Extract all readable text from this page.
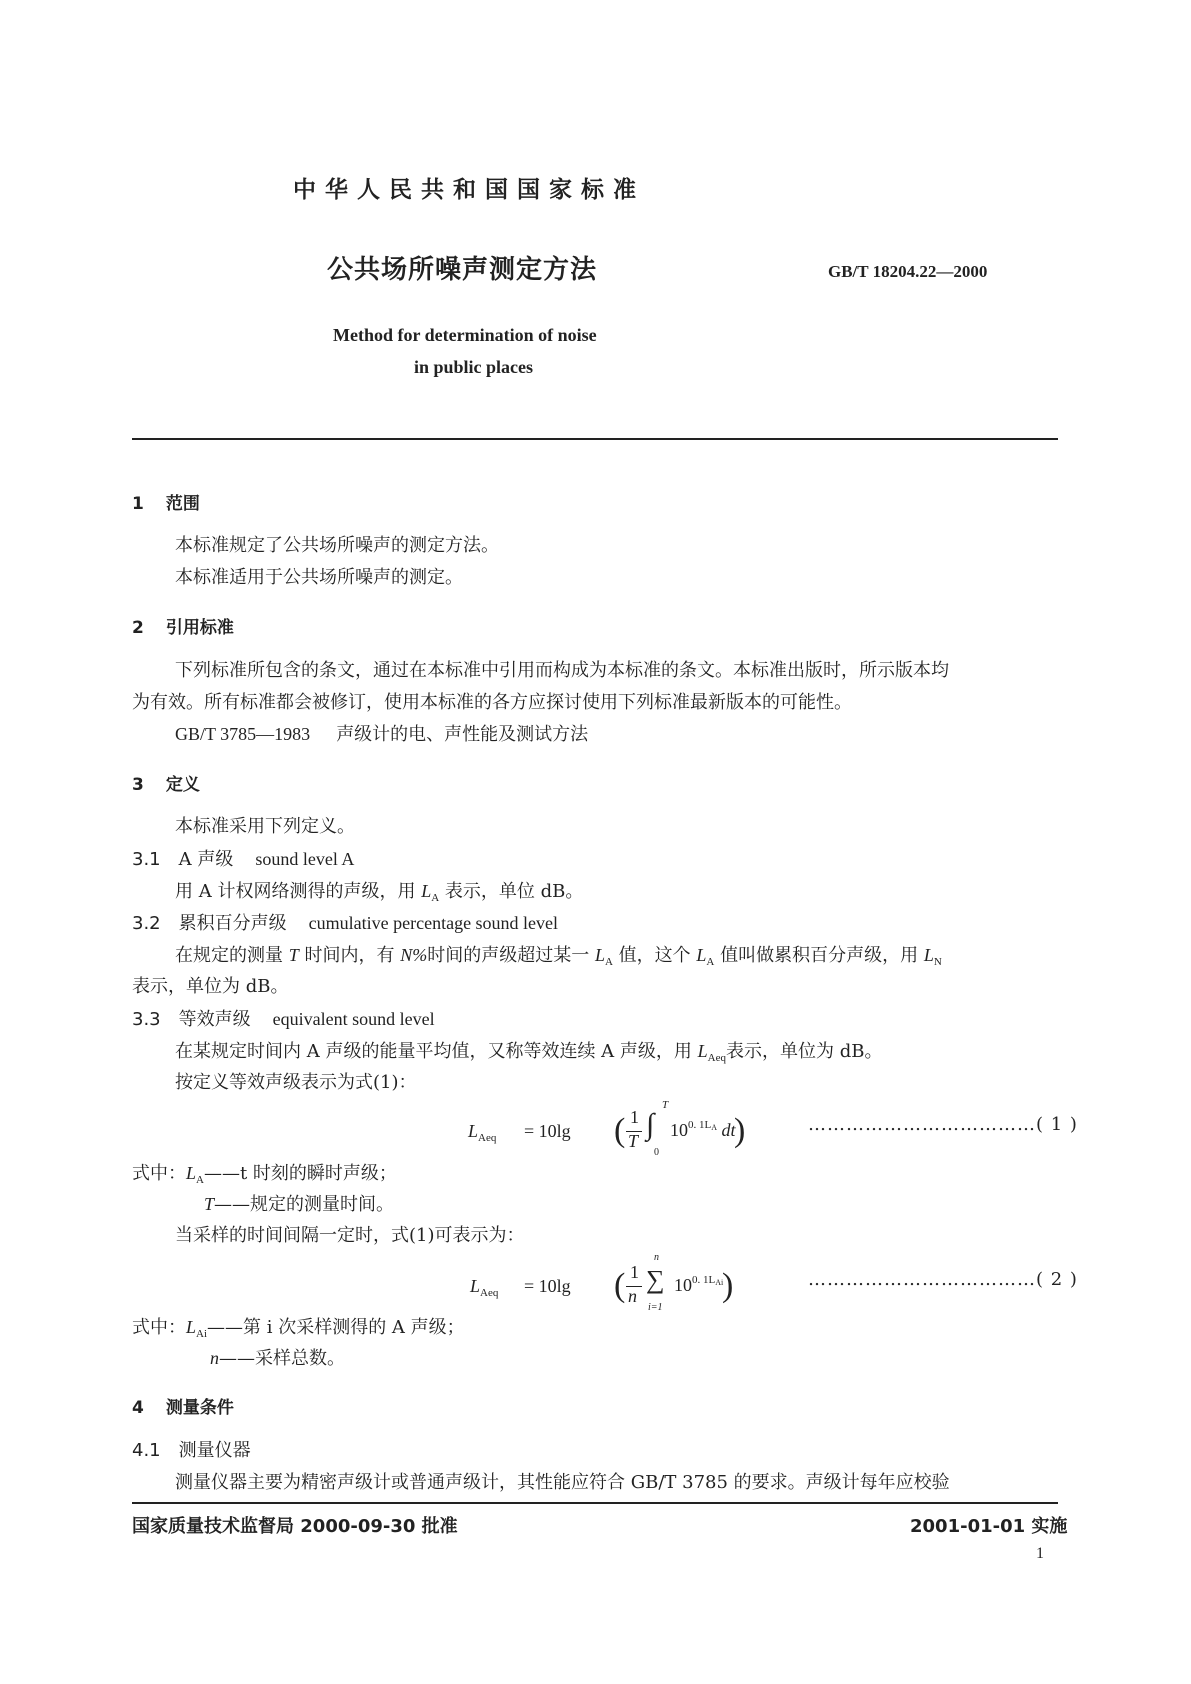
中华人民共和国国家标准
公共场所噪声测定方法	GB/T 18204.22—2000
Method for determination of noise
in public places
1 范围
本标准规定了公共场所噪声的测定方法。
本标准适用于公共场所噪声的测定。
2 引用标准
下列标准所包含的条文，通过在本标准中引用而构成为本标准的条文。本标准出版时，所示版本均
为有效。所有标准都会被修订，使用本标准的各方应探讨使用下列标准最新版本的可能性。
GB/T 3785—1983 声级计的电、声性能及测试方法
3 定义
本标准采用下列定义。
3.1 A 声级 sound level A
用 A 计权网络测得的声级，用 $L_A$ 表示，单位 dB。
3.2 累积百分声级 cumulative percentage sound level
在规定的测量 T 时间内，有 N%时间的声级超过某一 $L_A$ 值，这个 $L_A$ 值叫做累积百分声级，用 $L_N$
表示，单位为 dB。
3.3 等效声级 equivalent sound level
在某规定时间内 A 声级的能量平均值，又称等效连续 A 声级，用 $L_{Aeq}$表示，单位为 dB。
按定义等效声级表示为式(1)：
$L_{Aeq} = 10\lg$ ( 1
T ∫
T
0
$10^{0. 1LA}$ dt
)	………………………………( 1 )
式中：$L_A——t$ 时刻的瞬时声级；
T——规定的测量时间。
当采样的时间间隔一定时，式(1)可表示为：
$L_{Aeq} = 10\lg$ ( 1
n
n
∑
i=1
$10^{0. 1LAi}$
)	………………………………( 2 )
式中：$L_{Ai}——$第 i 次采样测得的 A 声级；
n——采样总数。
4 测量条件
4.1 测量仪器
测量仪器主要为精密声级计或普通声级计，其性能应符合 GB/T 3785 的要求。声级计每年应校验
国家质量技术监督局 2000-09-30 批准	2001-01-01 实施
1
